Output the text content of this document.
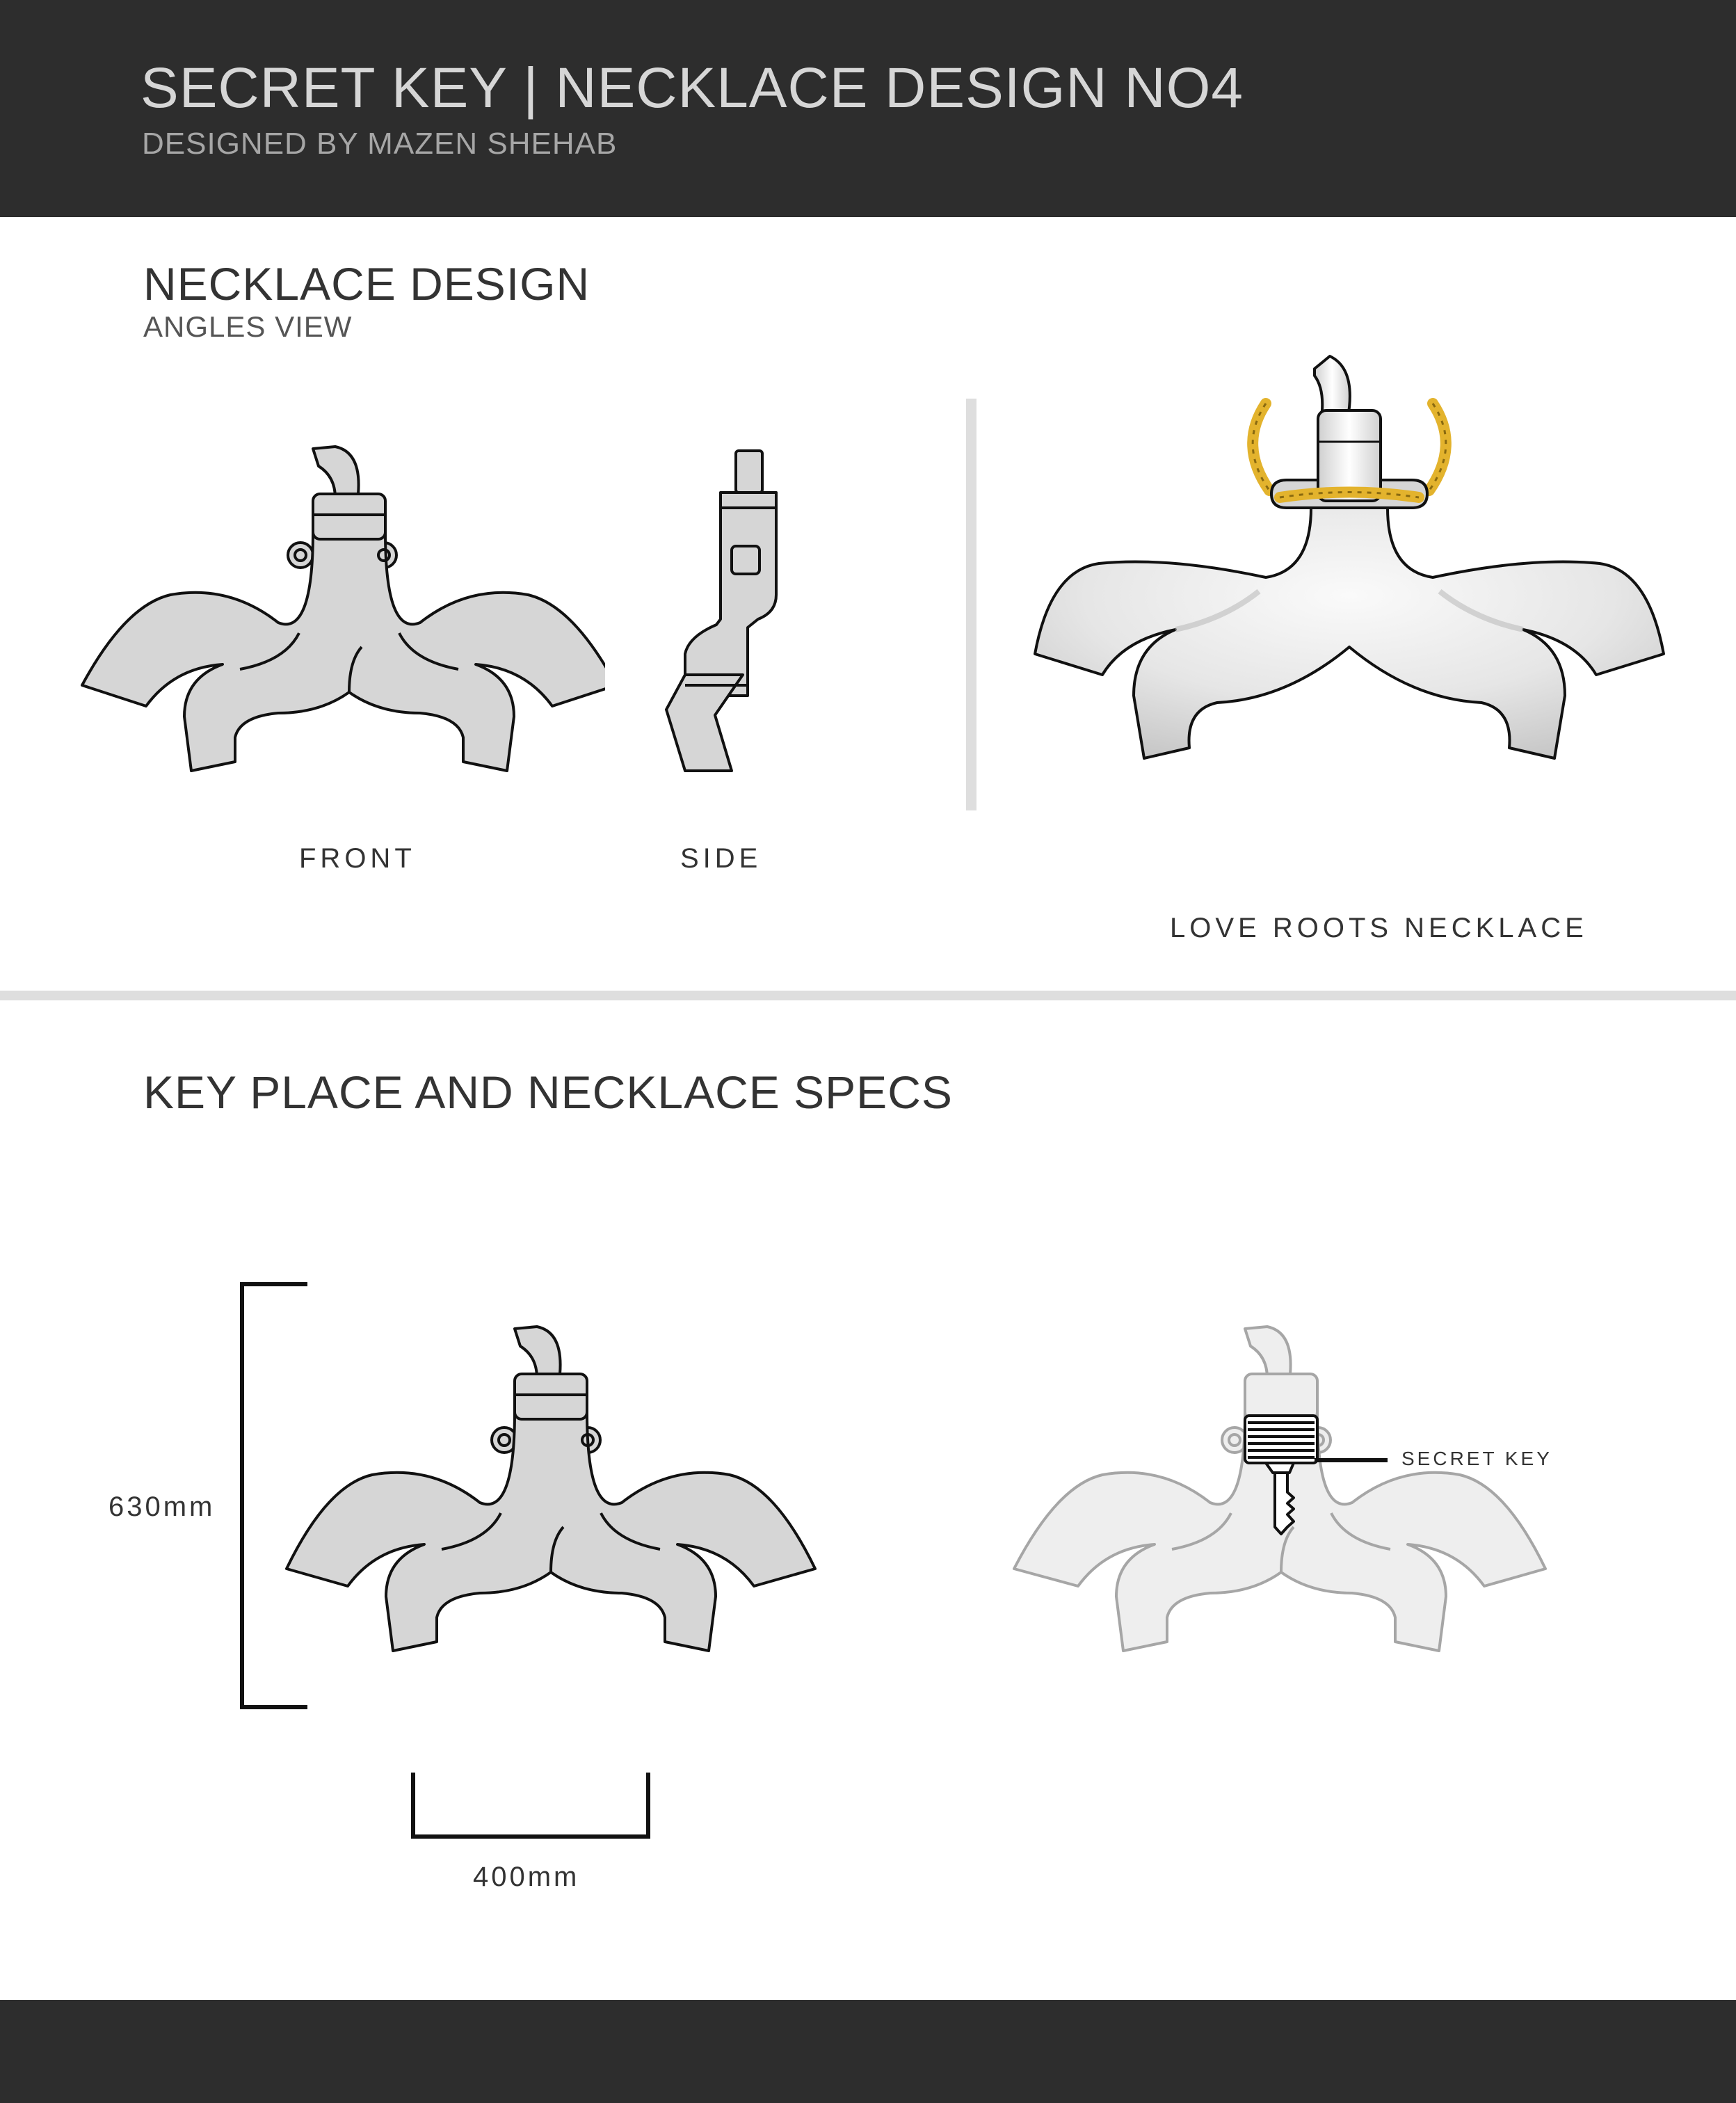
SECRET KEY | NECKLACE DESIGN NO4
DESIGNED BY MAZEN SHEHAB
NECKLACE DESIGN
ANGLES VIEW
FRONT	SIDE
LOVE ROOTS NECKLACE
KEY PLACE AND NECKLACE SPECS
630mm
400mm
SECRET KEY
